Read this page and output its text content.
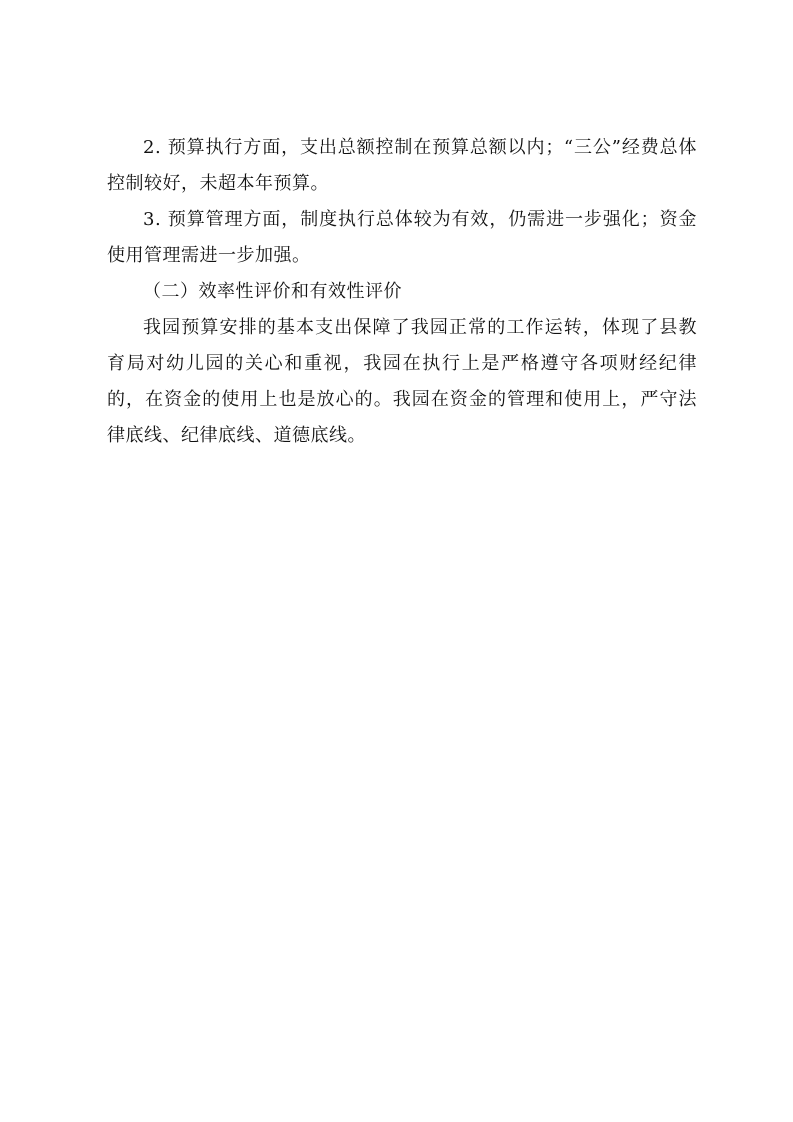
2. 预算执行方面，支出总额控制在预算总额以内；“三公”经费总体控制较好，未超本年预算。

3. 预算管理方面，制度执行总体较为有效，仍需进一步强化；资金使用管理需进一步加强。

（二）效率性评价和有效性评价

我园预算安排的基本支出保障了我园正常的工作运转，体现了县教育局对幼儿园的关心和重视，我园在执行上是严格遵守各项财经纪律的，在资金的使用上也是放心的。我园在资金的管理和使用上，严守法律底线、纪律底线、道德底线。
